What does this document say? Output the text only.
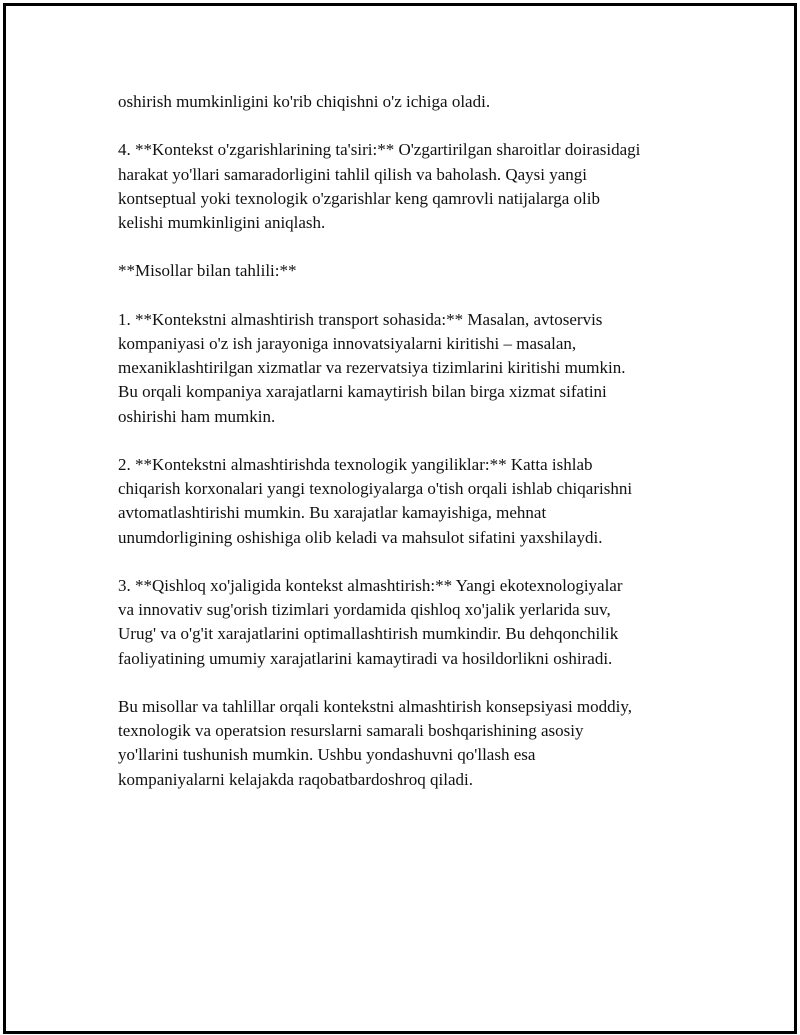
oshirish mumkinligini ko'rib chiqishni o'z ichiga oladi.

4. **Kontekst o'zgarishlarining ta'siri:** O'zgartirilgan sharoitlar doirasidagi
harakat yo'llari samaradorligini tahlil qilish va baholash. Qaysi yangi
kontseptual yoki texnologik o'zgarishlar keng qamrovli natijalarga olib
kelishi mumkinligini aniqlash.

**Misollar bilan tahlili:**

1. **Kontekstni almashtirish transport sohasida:** Masalan, avtoservis
kompaniyasi o'z ish jarayoniga innovatsiyalarni kiritishi – masalan,
mexaniklashtirilgan xizmatlar va rezervatsiya tizimlarini kiritishi mumkin.
Bu orqali kompaniya xarajatlarni kamaytirish bilan birga xizmat sifatini
oshirishi ham mumkin.

2. **Kontekstni almashtirishda texnologik yangiliklar:** Katta ishlab
chiqarish korxonalari yangi texnologiyalarga o'tish orqali ishlab chiqarishni
avtomatlashtirishi mumkin. Bu xarajatlar kamayishiga, mehnat
unumdorligining oshishiga olib keladi va mahsulot sifatini yaxshilaydi.

3. **Qishloq xo'jaligida kontekst almashtirish:** Yangi ekotexnologiyalar
va innovativ sug'orish tizimlari yordamida qishloq xo'jalik yerlarida suv,
Urug' va o'g'it xarajatlarini optimallashtirish mumkindir. Bu dehqonchilik
faoliyatining umumiy xarajatlarini kamaytiradi va hosildorlikni oshiradi.

Bu misollar va tahlillar orqali kontekstni almashtirish konsepsiyasi moddiy,
texnologik va operatsion resurslarni samarali boshqarishining asosiy
yo'llarini tushunish mumkin. Ushbu yondashuvni qo'llash esa
kompaniyalarni kelajakda raqobatbardoshroq qiladi.
